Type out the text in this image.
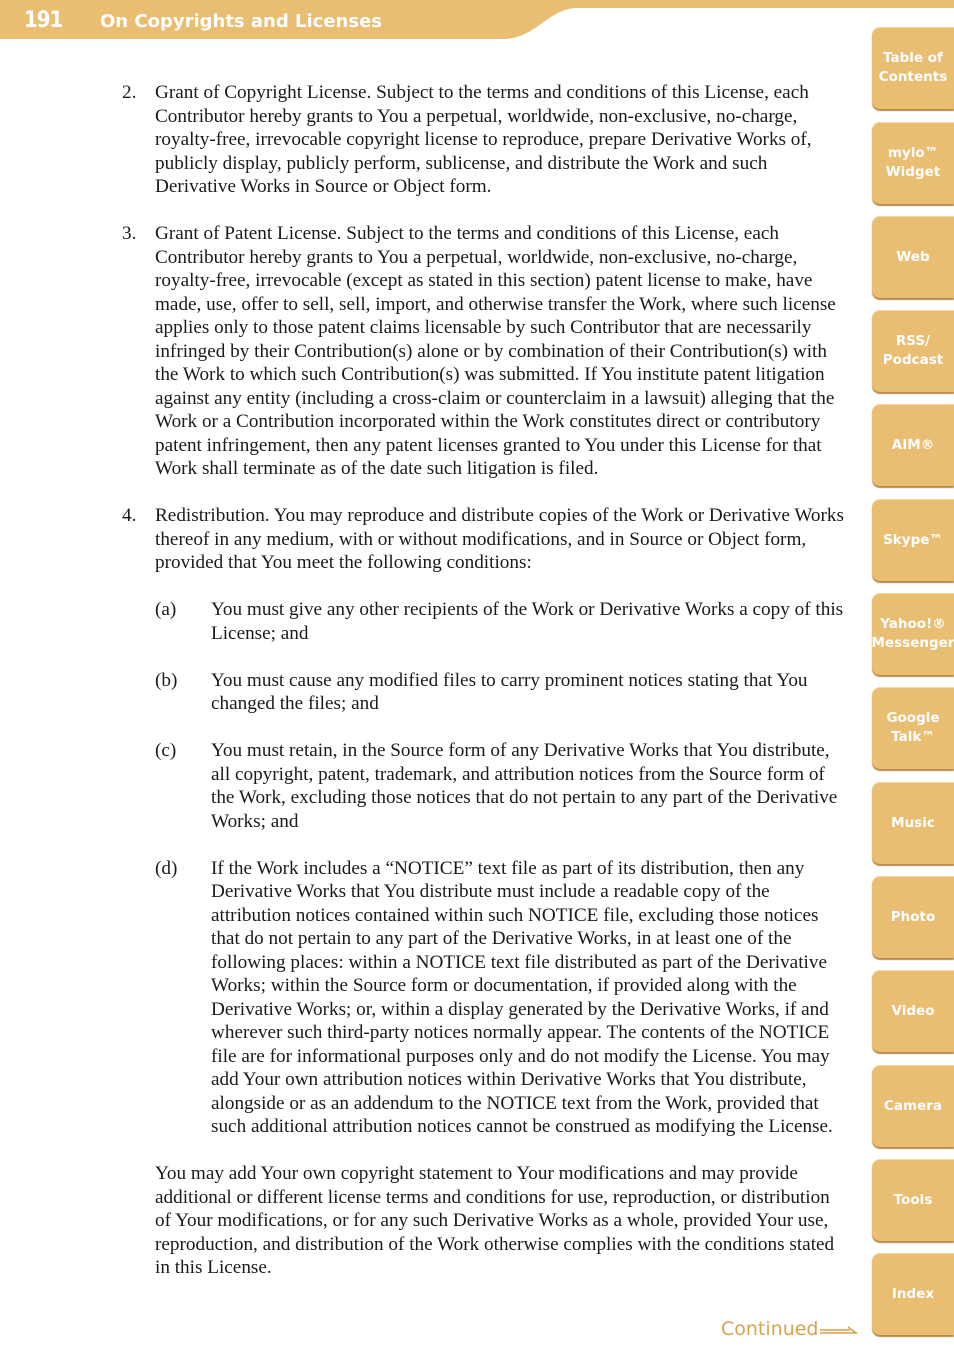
191 On Copyrights and Licenses
2. Grant of Copyright License. Subject to the terms and conditions of this License, each Contributor hereby grants to You a perpetual, worldwide, non-exclusive, no-charge, royalty-free, irrevocable copyright license to reproduce, prepare Derivative Works of, publicly display, publicly perform, sublicense, and distribute the Work and such Derivative Works in Source or Object form.
3. Grant of Patent License. Subject to the terms and conditions of this License, each Contributor hereby grants to You a perpetual, worldwide, non-exclusive, no-charge, royalty-free, irrevocable (except as stated in this section) patent license to make, have made, use, offer to sell, sell, import, and otherwise transfer the Work, where such license applies only to those patent claims licensable by such Contributor that are necessarily infringed by their Contribution(s) alone or by combination of their Contribution(s) with the Work to which such Contribution(s) was submitted. If You institute patent litigation against any entity (including a cross-claim or counterclaim in a lawsuit) alleging that the Work or a Contribution incorporated within the Work constitutes direct or contributory patent infringement, then any patent licenses granted to You under this License for that Work shall terminate as of the date such litigation is filed.
4. Redistribution. You may reproduce and distribute copies of the Work or Derivative Works thereof in any medium, with or without modifications, and in Source or Object form, provided that You meet the following conditions:
(a) You must give any other recipients of the Work or Derivative Works a copy of this License; and
(b) You must cause any modified files to carry prominent notices stating that You changed the files; and
(c) You must retain, in the Source form of any Derivative Works that You distribute, all copyright, patent, trademark, and attribution notices from the Source form of the Work, excluding those notices that do not pertain to any part of the Derivative Works; and
(d) If the Work includes a “NOTICE” text file as part of its distribution, then any Derivative Works that You distribute must include a readable copy of the attribution notices contained within such NOTICE file, excluding those notices that do not pertain to any part of the Derivative Works, in at least one of the following places: within a NOTICE text file distributed as part of the Derivative Works; within the Source form or documentation, if provided along with the Derivative Works; or, within a display generated by the Derivative Works, if and wherever such third-party notices normally appear. The contents of the NOTICE file are for informational purposes only and do not modify the License. You may add Your own attribution notices within Derivative Works that You distribute, alongside or as an addendum to the NOTICE text from the Work, provided that such additional attribution notices cannot be construed as modifying the License.
You may add Your own copyright statement to Your modifications and may provide additional or different license terms and conditions for use, reproduction, or distribution of Your modifications, or for any such Derivative Works as a whole, provided Your use, reproduction, and distribution of the Work otherwise complies with the conditions stated in this License.
Table of
Contents
mylo™
Widget
Web
RSS/
Podcast
AIM®
Skype™
Yahoo!®
Messenger
Google
Talk™
Music
Photo
Video
Camera
Tools
Index
Continued
